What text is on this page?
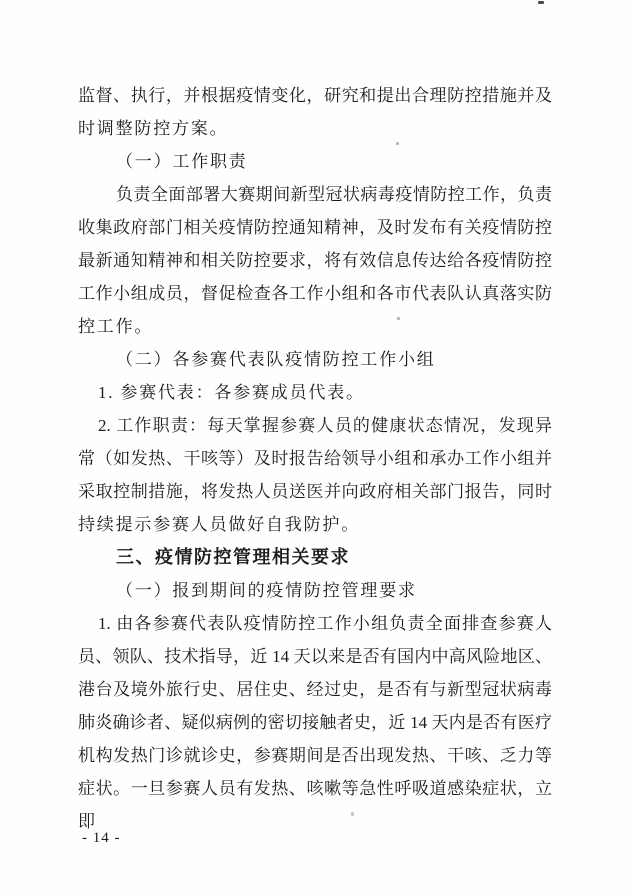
监督、执行，并根据疫情变化，研究和提出合理防控措施并及
时调整防控方案。
（一）工作职责
负责全面部署大赛期间新型冠状病毒疫情防控工作，负责
收集政府部门相关疫情防控通知精神，及时发布有关疫情防控
最新通知精神和相关防控要求，将有效信息传达给各疫情防控
工作小组成员，督促检查各工作小组和各市代表队认真落实防
控工作。
（二）各参赛代表队疫情防控工作小组
1. 参赛代表：各参赛成员代表。
2. 工作职责：每天掌握参赛人员的健康状态情况，发现异
常（如发热、干咳等）及时报告给领导小组和承办工作小组并
采取控制措施，将发热人员送医并向政府相关部门报告，同时
持续提示参赛人员做好自我防护。
三、疫情防控管理相关要求
（一）报到期间的疫情防控管理要求
1. 由各参赛代表队疫情防控工作小组负责全面排查参赛人
员、领队、技术指导，近 14 天以来是否有国内中高风险地区、
港台及境外旅行史、居住史、经过史，是否有与新型冠状病毒
肺炎确诊者、疑似病例的密切接触者史，近 14 天内是否有医疗
机构发热门诊就诊史，参赛期间是否出现发热、干咳、乏力等
症状。一旦参赛人员有发热、咳嗽等急性呼吸道感染症状，立即
- 14 -
